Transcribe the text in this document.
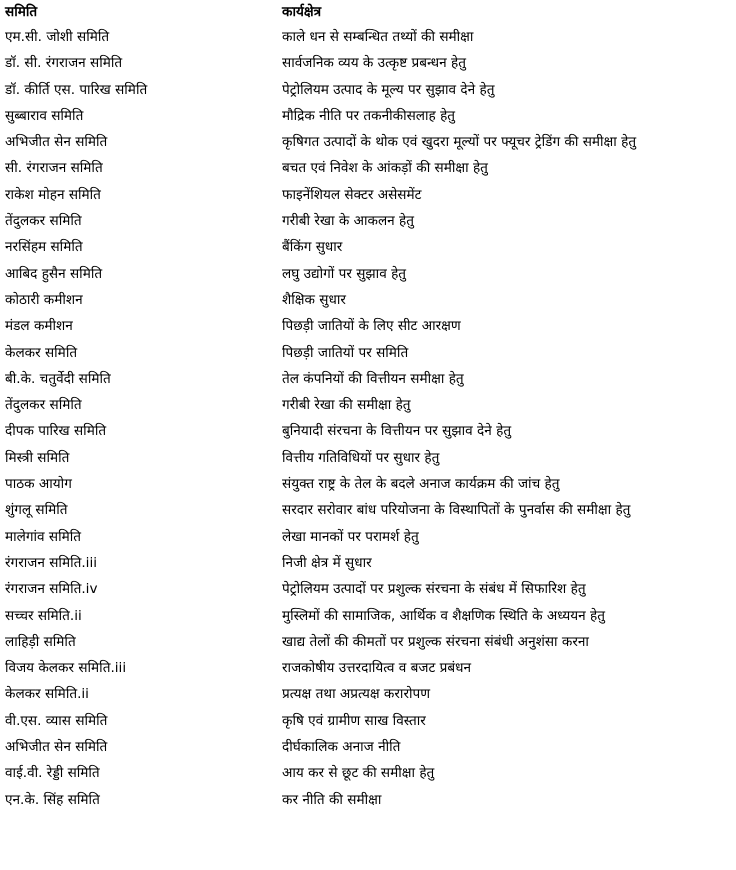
समिति	कार्यक्षेत्र
एम.सी. जोशी समिति	काले धन से सम्बन्धित तथ्यों की समीक्षा
डॉ. सी. रंगराजन समिति	सार्वजनिक व्यय के उत्कृष्ट प्रबन्धन हेतु
डॉ. कीर्ति एस. पारिख समिति	पेट्रोलियम उत्पाद के मूल्य पर सुझाव देने हेतु
सुब्बाराव समिति	मौद्रिक नीति पर तकनीकीसलाह हेतु
अभिजीत सेन समिति	कृषिगत उत्पादों के थोक एवं खुदरा मूल्यों पर फ्यूचर ट्रेडिंग की समीक्षा हेतु
सी. रंगराजन समिति	बचत एवं निवेश के आंकड़ों की समीक्षा हेतु
राकेश मोहन समिति	फाइनेंशियल सेक्टर असेसमेंट
तेंदुलकर समिति	गरीबी रेखा के आकलन हेतु
नरसिंहम समिति	बैंकिंग सुधार
आबिद हुसैन समिति	लघु उद्योगों पर सुझाव हेतु
कोठारी कमीशन	शैक्षिक सुधार
मंडल कमीशन	पिछड़ी जातियों के लिए सीट आरक्षण
केलकर समिति	पिछड़ी जातियों पर समिति
बी.के. चतुर्वेदी समिति	तेल कंपनियों की वित्तीयन समीक्षा हेतु
तेंदुलकर समिति	गरीबी रेखा की समीक्षा हेतु
दीपक पारिख समिति	बुनियादी संरचना के वित्तीयन पर सुझाव देने हेतु
मिस्त्री समिति	वित्तीय गतिविधियों पर सुधार हेतु
पाठक आयोग	संयुक्त राष्ट्र के तेल के बदले अनाज कार्यक्रम की जांच हेतु
शुंगलू समिति	सरदार सरोवार बांध परियोजना के विस्थापितों के पुनर्वास की समीक्षा हेतु
मालेगांव समिति	लेखा मानकों पर परामर्श हेतु
रंगराजन समिति.iii	निजी क्षेत्र में सुधार
रंगराजन समिति.iv	पेट्रोलियम उत्पादों पर प्रशुल्क संरचना के संबंध में सिफारिश हेतु
सच्चर समिति.ii	मुस्लिमों की सामाजिक, आर्थिक व शैक्षणिक स्थिति के अध्ययन हेतु
लाहिड़ी समिति	खाद्य तेलों की कीमतों पर प्रशुल्क संरचना संबंधी अनुशंसा करना
विजय केलकर समिति.iii	राजकोषीय उत्तरदायित्व व बजट प्रबंधन
केलकर समिति.ii	प्रत्यक्ष तथा अप्रत्यक्ष करारोपण
वी.एस. व्यास समिति	कृषि एवं ग्रामीण साख विस्तार
अभिजीत सेन समिति	दीर्घकालिक अनाज नीति
वाई.वी. रेड्डी समिति	आय कर से छूट की समीक्षा हेतु
एन.के. सिंह समिति	कर नीति की समीक्षा
